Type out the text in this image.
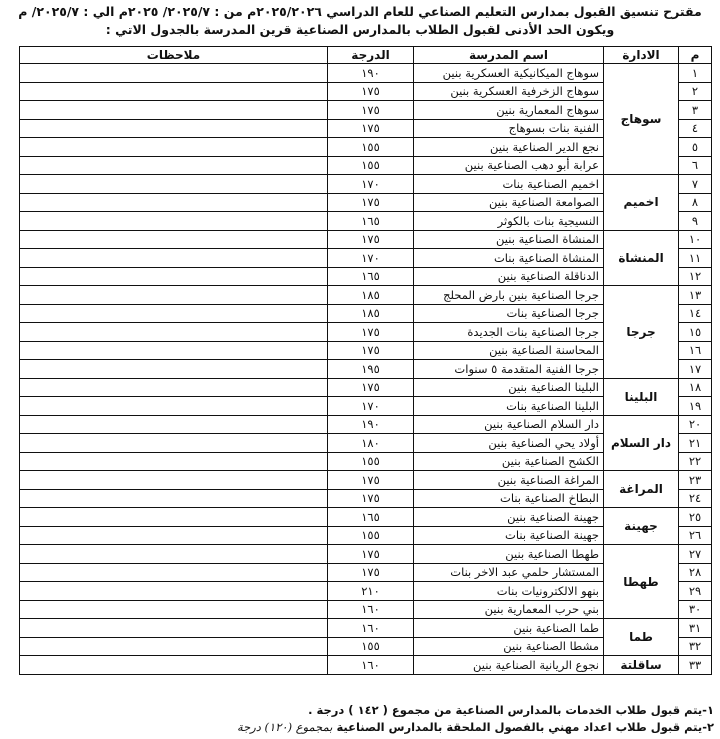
مقترح تنسيق القبول بمدارس التعليم الصناعي للعام الدراسي ٢٠٢٥/٢٠٢٦م من : ٢٠٢٥/٧/ ٢٠٢٥م الي : ٢٠٢٥/٧/ م
ويكون الحد الأدنى لقبول الطلاب بالمدارس الصناعية قرين المدرسة بالجدول الاتي :
م	الادارة	اسم المدرسة	الدرجة	ملاحظات
١	سوهاج	سوهاج الميكانيكية العسكرية بنين	١٩٠	
٢		سوهاج الزخرفية العسكرية بنين	١٧٥	
٣		سوهاج المعمارية بنين	١٧٥	
٤		الفنية بنات بسوهاج	١٧٥	
٥		نجع الدير الصناعية بنين	١٥٥	
٦		عرابة أبو دهب الصناعية بنين	١٥٥	
٧	اخميم	اخميم الصناعية بنات	١٧٠	
٨		الصوامعة الصناعية بنين	١٧٥	
٩		النسيجية بنات بالكوثر	١٦٥	
١٠	المنشاة	المنشاة الصناعية بنين	١٧٥	
١١		المنشاة الصناعية بنات	١٧٠	
١٢		الدناقلة الصناعية بنين	١٦٥	
١٣	جرجا	جرجا الصناعية بنين بارض المحلج	١٨٥	
١٤		جرجا الصناعية بنات	١٨٥	
١٥		جرجا الصناعية بنات الجديدة	١٧٥	
١٦		المحاسنة الصناعية بنين	١٧٥	
١٧		جرجا الفنية المتقدمة ٥ سنوات	١٩٥	
١٨	البلينا	البلينا الصناعية بنين	١٧٥	
١٩		البلينا الصناعية بنات	١٧٠	
٢٠	دار السلام	دار السلام الصناعية بنين	١٩٠	
٢١		أولاد يحي الصناعية بنين	١٨٠	
٢٢		الكشح الصناعية بنين	١٥٥	
٢٣	المراغة	المراغة الصناعية بنين	١٧٥	
٢٤		البطاخ الصناعية بنات	١٧٥	
٢٥	جهينة	جهينة الصناعية بنين	١٦٥	
٢٦		جهينة الصناعية بنات	١٥٥	
٢٧	طهطا	طهطا الصناعية بنين	١٧٥	
٢٨		المستشار حلمي عبد الاخر بنات	١٧٥	
٢٩		بنهو الالكترونيات بنات	٢١٠	
٣٠		بني حرب المعمارية بنين	١٦٠	
٣١	طما	طما الصناعية بنين	١٦٠	
٣٢		مشطا الصناعية بنين	١٥٥	
٣٣	ساقلتة	نجوع الريانية الصناعية بنين	١٦٠	
١-يتم قبول طلاب الخدمات بالمدارس الصناعية من مجموع ( ١٤٢ ) درجة .
٢-يتم قبول طلاب اعداد مهني بالفصول الملحقة بالمدارس الصناعية بمجموع (١٢٠) درجة
